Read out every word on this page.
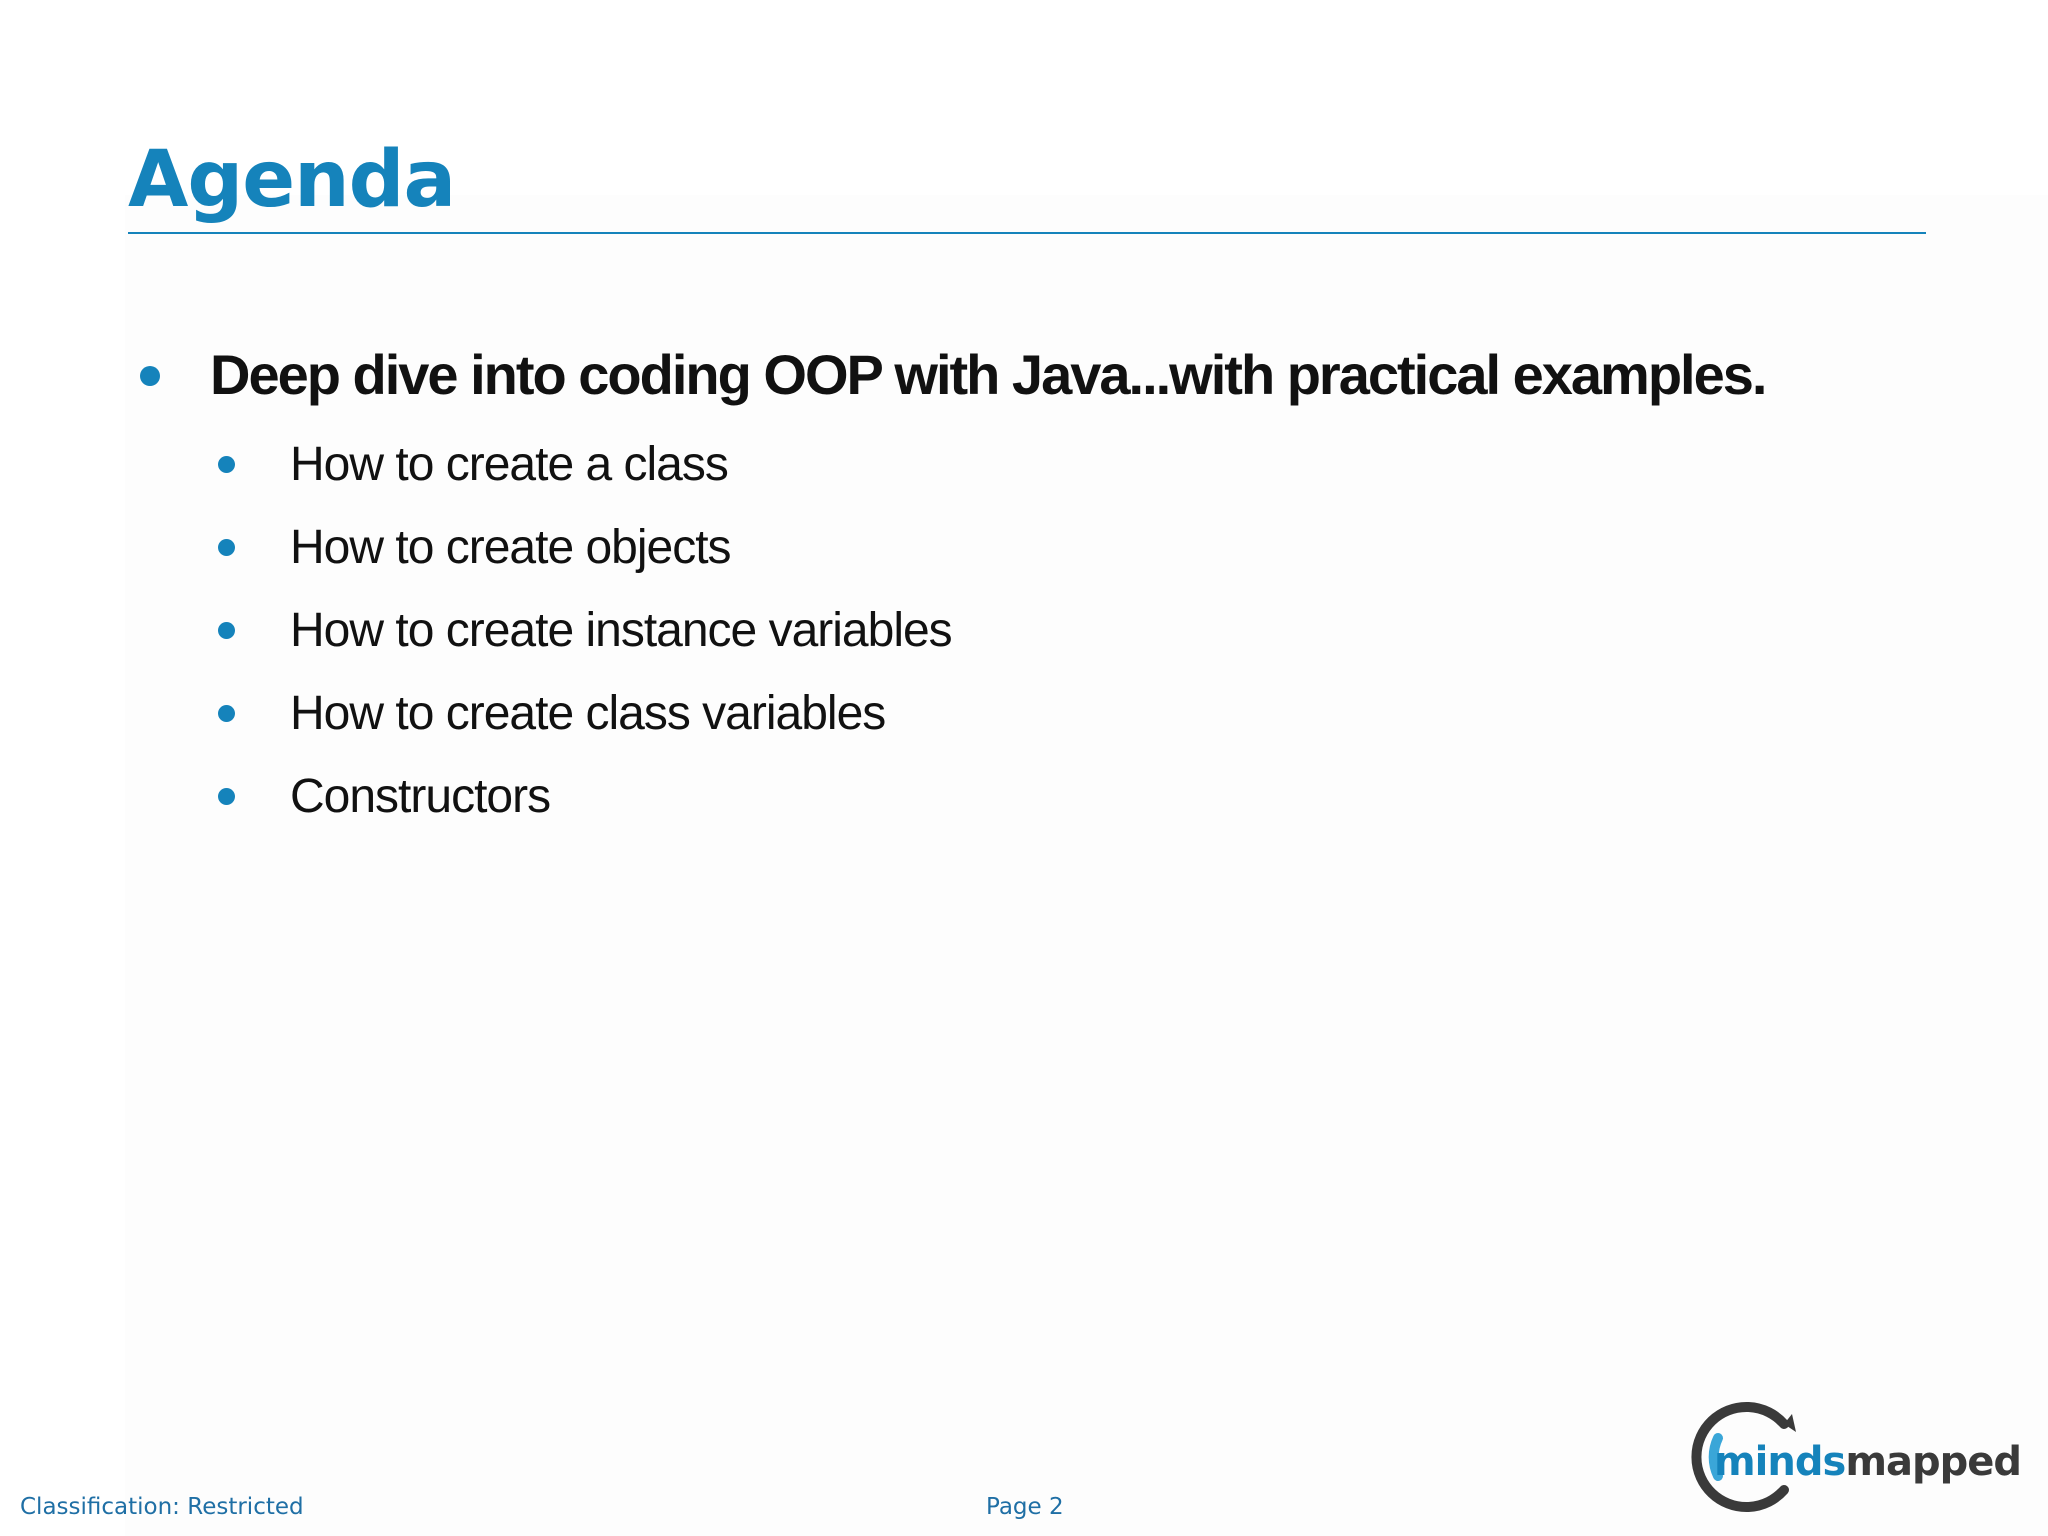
Agenda
Deep dive into coding OOP with Java...with practical examples.
How to create a class
How to create objects
How to create instance variables
How to create class variables
Constructors
Classification: Restricted	Page 2
mindsmapped
